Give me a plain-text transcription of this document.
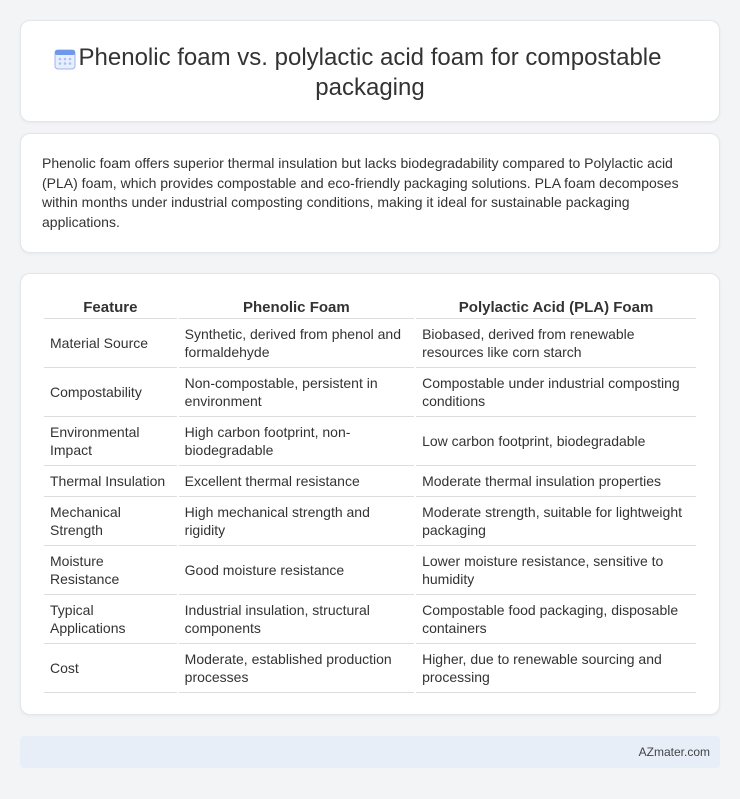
Phenolic foam vs. polylactic acid foam for compostable packaging

Phenolic foam offers superior thermal insulation but lacks biodegradability compared to Polylactic acid (PLA) foam, which provides compostable and eco-friendly packaging solutions. PLA foam decomposes within months under industrial composting conditions, making it ideal for sustainable packaging applications.

Feature	Phenolic Foam	Polylactic Acid (PLA) Foam
Material Source	Synthetic, derived from phenol and formaldehyde	Biobased, derived from renewable resources like corn starch
Compostability	Non-compostable, persistent in environment	Compostable under industrial composting conditions
Environmental Impact	High carbon footprint, non-biodegradable	Low carbon footprint, biodegradable
Thermal Insulation	Excellent thermal resistance	Moderate thermal insulation properties
Mechanical Strength	High mechanical strength and rigidity	Moderate strength, suitable for lightweight packaging
Moisture Resistance	Good moisture resistance	Lower moisture resistance, sensitive to humidity
Typical Applications	Industrial insulation, structural components	Compostable food packaging, disposable containers
Cost	Moderate, established production processes	Higher, due to renewable sourcing and processing
AZmater.com
